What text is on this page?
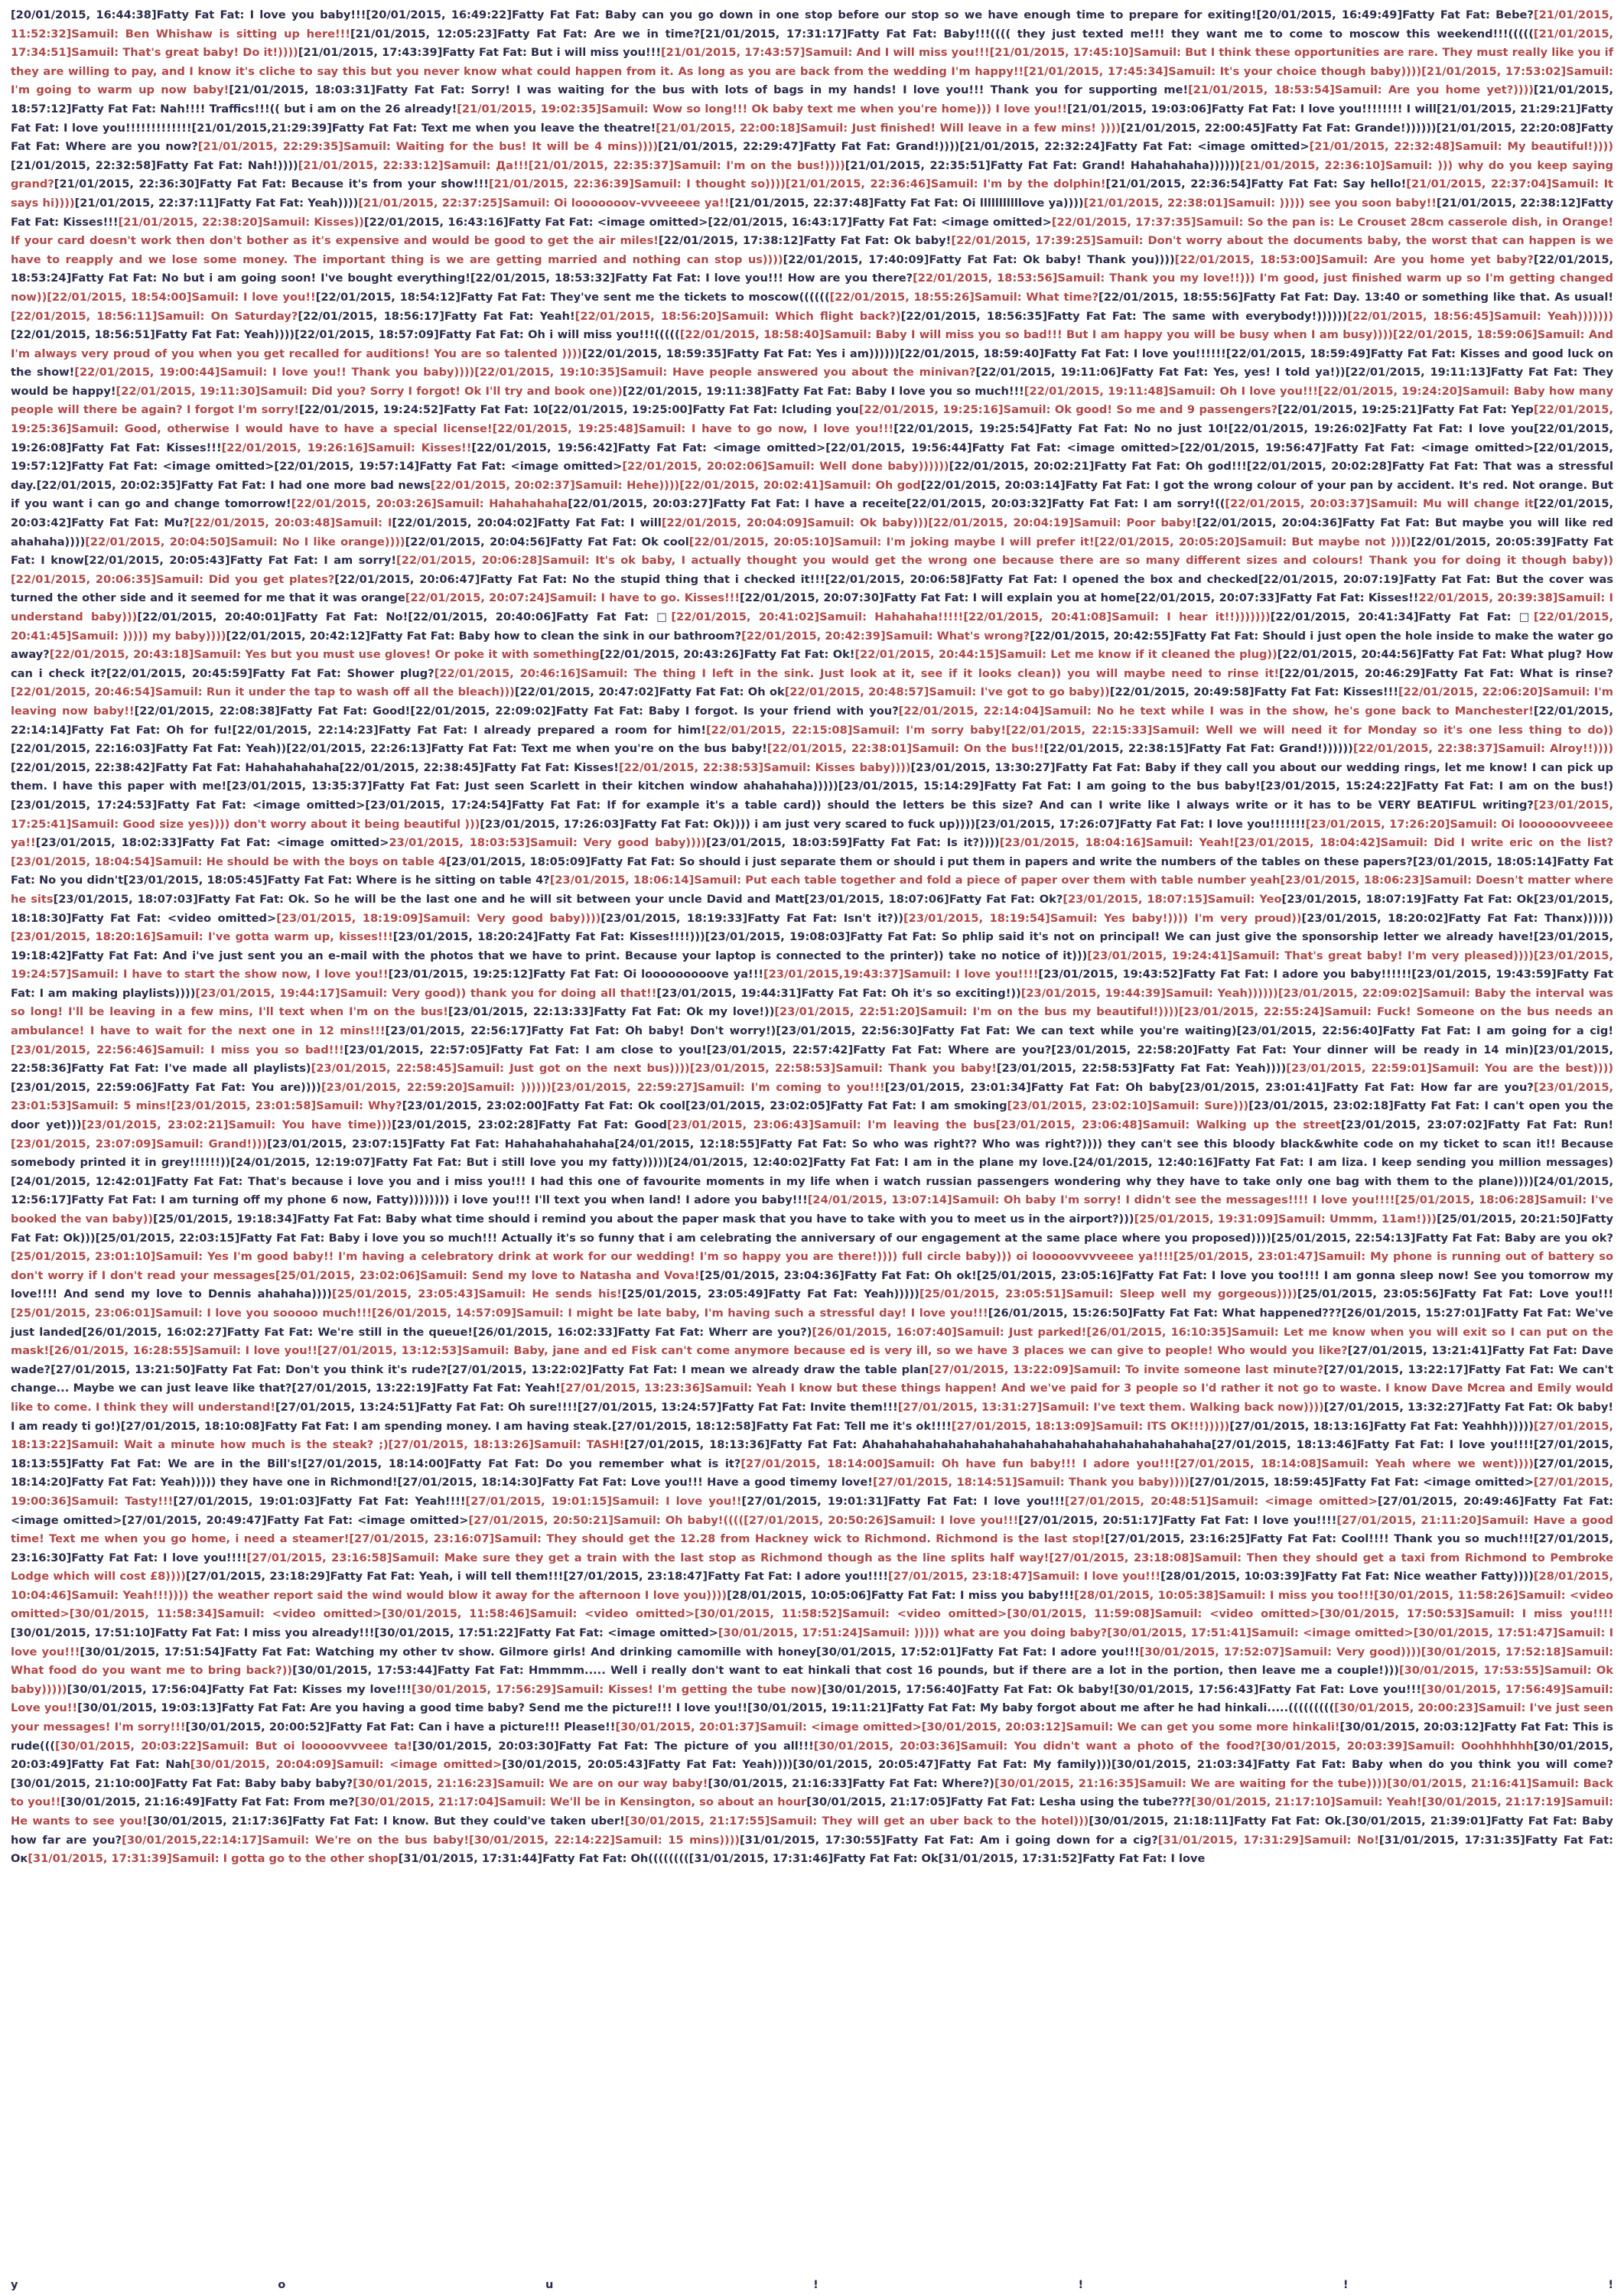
[20/01/2015, 16:44:38]Fatty Fat Fat: I love you baby!!![20/01/2015, 16:49:22]Fatty Fat Fat: Baby can you go down in one stop before our stop so we have enough time to prepare for exiting![20/01/2015, 16:49:49]Fatty Fat Fat: Bebe?[21/01/2015, 11:52:32]Samuil: Ben Whishaw is sitting up here!!![21/01/2015, 12:05:23]Fatty Fat Fat: Are we in time?[21/01/2015, 17:31:17]Fatty Fat Fat: Baby!!!(((( they just texted me!!! they want me to come to moscow this weekend!!!((((([21/01/2015, 17:34:51]Samuil: That's great baby! Do it!))))[21/01/2015, 17:43:39]Fatty Fat Fat: But i will miss you!!![21/01/2015, 17:43:57]Samuil: And I will miss you!!![21/01/2015, 17:45:10]Samuil: But I think these opportunities are rare. They must really like you if they are willing to pay, and I know it's cliche to say this but you never know what could happen from it. As long as you are back from the wedding I'm happy!![21/01/2015, 17:45:34]Samuil: It's your choice though baby))))[21/01/2015, 17:53:02]Samuil: I'm going to warm up now baby![21/01/2015, 18:03:31]Fatty Fat Fat: Sorry! I was waiting for the bus with lots of bags in my hands! I love you!!! Thank you for supporting me![21/01/2015, 18:53:54]Samuil: Are you home yet?))))[21/01/2015, 18:57:12]Fatty Fat Fat: Nah!!!! Traffics!!!(( but i am on the 26 already![21/01/2015, 19:02:35]Samuil: Wow so long!!! Ok baby text me when you're home))) I love you!![21/01/2015, 19:03:06]Fatty Fat Fat: I love you!!!!!!!! I will[21/01/2015, 21:29:21]Fatty Fat Fat: I love you!!!!!!!!!!!!![21/01/2015,21:29:39]Fatty Fat Fat: Text me when you leave the theatre![21/01/2015, 22:00:18]Samuil: Just finished! Will leave in a few mins! ))))[21/01/2015, 22:00:45]Fatty Fat Fat: Grande!))))))[21/01/2015, 22:20:08]Fatty Fat Fat: Where are you now?[21/01/2015, 22:29:35]Samuil: Waiting for the bus! It will be 4 mins))))[21/01/2015, 22:29:47]Fatty Fat Fat: Grand!))))[21/01/2015, 22:32:24]Fatty Fat Fat: <image omitted>[21/01/2015, 22:32:48]Samuil: My beautiful!))))[21/01/2015, 22:32:58]Fatty Fat Fat: Nah!))))[21/01/2015, 22:33:12]Samuil: Да!!![21/01/2015, 22:35:37]Samuil: I'm on the bus!))))[21/01/2015, 22:35:51]Fatty Fat Fat: Grand! Hahahahaha))))))[21/01/2015, 22:36:10]Samuil: ))) why do you keep saying grand?[21/01/2015, 22:36:30]Fatty Fat Fat: Because it's from your show!!![21/01/2015, 22:36:39]Samuil: I thought so))))[21/01/2015, 22:36:46]Samuil: I'm by the dolphin![21/01/2015, 22:36:54]Fatty Fat Fat: Say hello![21/01/2015, 22:37:04]Samuil: It says hi))))[21/01/2015, 22:37:11]Fatty Fat Fat: Yeah))))[21/01/2015, 22:37:25]Samuil: Oi looooooov-vvveeeee ya!![21/01/2015, 22:37:48]Fatty Fat Fat: Oi lllllllllllove ya))))[21/01/2015, 22:38:01]Samuil: ))))) see you soon baby!![21/01/2015, 22:38:12]Fatty Fat Fat: Kisses!!![21/01/2015, 22:38:20]Samuil: Kisses))[22/01/2015, 16:43:16]Fatty Fat Fat: <image omitted>[22/01/2015, 16:43:17]Fatty Fat Fat: <image omitted>[22/01/2015, 17:37:35]Samuil: So the pan is: Le Crouset 28cm casserole dish, in Orange! If your card doesn't work then don't bother as it's expensive and would be good to get the air miles![22/01/2015, 17:38:12]Fatty Fat Fat: Ok baby![22/01/2015, 17:39:25]Samuil: Don't worry about the documents baby, the worst that can happen is we have to reapply and we lose some money. The important thing is we are getting married and nothing can stop us))))[22/01/2015, 17:40:09]Fatty Fat Fat: Ok baby! Thank you))))[22/01/2015, 18:53:00]Samuil: Are you home yet baby?[22/01/2015, 18:53:24]Fatty Fat Fat: No but i am going soon! I've bought everything![22/01/2015, 18:53:32]Fatty Fat Fat: I love you!!! How are you there?[22/01/2015, 18:53:56]Samuil: Thank you my love!!))) I'm good, just finished warm up so I'm getting changed now))[22/01/2015, 18:54:00]Samuil: I love you!![22/01/2015, 18:54:12]Fatty Fat Fat: They've sent me the tickets to moscow(((((([22/01/2015, 18:55:26]Samuil: What time?[22/01/2015, 18:55:56]Fatty Fat Fat: Day. 13:40 or something like that. As usual![22/01/2015, 18:56:11]Samuil: On Saturday?[22/01/2015, 18:56:17]Fatty Fat Fat: Yeah![22/01/2015, 18:56:20]Samuil: Which flight back?)[22/01/2015, 18:56:35]Fatty Fat Fat: The same with everybody!))))))[22/01/2015, 18:56:45]Samuil: Yeah)))))))[22/01/2015, 18:56:51]Fatty Fat Fat: Yeah))))[22/01/2015, 18:57:09]Fatty Fat Fat: Oh i will miss you!!!((((([22/01/2015, 18:58:40]Samuil: Baby I will miss you so bad!!! But I am happy you will be busy when I am busy))))[22/01/2015, 18:59:06]Samuil: And I'm always very proud of you when you get recalled for auditions! You are so talented ))))[22/01/2015, 18:59:35]Fatty Fat Fat: Yes i am))))))[22/01/2015, 18:59:40]Fatty Fat Fat: I love you!!!!!![22/01/2015, 18:59:49]Fatty Fat Fat: Kisses and good luck on the show![22/01/2015, 19:00:44]Samuil: I love you!! Thank you baby))))[22/01/2015, 19:10:35]Samuil: Have people answered you about the minivan?[22/01/2015, 19:11:06]Fatty Fat Fat: Yes, yes! I told ya!))[22/01/2015, 19:11:13]Fatty Fat Fat: They would be happy![22/01/2015, 19:11:30]Samuil: Did you? Sorry I forgot! Ok I'll try and book one))[22/01/2015, 19:11:38]Fatty Fat Fat: Baby I love you so much!!![22/01/2015, 19:11:48]Samuil: Oh I love you!!![22/01/2015, 19:24:20]Samuil: Baby how many people will there be again? I forgot I'm sorry![22/01/2015, 19:24:52]Fatty Fat Fat: 10[22/01/2015, 19:25:00]Fatty Fat Fat: Icluding you[22/01/2015, 19:25:16]Samuil: Ok good! So me and 9 passengers?[22/01/2015, 19:25:21]Fatty Fat Fat: Yep[22/01/2015, 19:25:36]Samuil: Good, otherwise I would have to have a special license![22/01/2015, 19:25:48]Samuil: I have to go now, I love you!!![22/01/2015, 19:25:54]Fatty Fat Fat: No no just 10![22/01/2015, 19:26:02]Fatty Fat Fat: I love you[22/01/2015, 19:26:08]Fatty Fat Fat: Kisses!!![22/01/2015, 19:26:16]Samuil: Kisses!![22/01/2015, 19:56:42]Fatty Fat Fat: <image omitted>[22/01/2015, 19:56:44]Fatty Fat Fat: <image omitted>[22/01/2015, 19:56:47]Fatty Fat Fat: <image omitted>[22/01/2015, 19:57:12]Fatty Fat Fat: <image omitted>[22/01/2015, 19:57:14]Fatty Fat Fat: <image omitted>[22/01/2015, 20:02:06]Samuil: Well done baby))))))[22/01/2015, 20:02:21]Fatty Fat Fat: Oh god!!![22/01/2015, 20:02:28]Fatty Fat Fat: That was a stressful day.[22/01/2015, 20:02:35]Fatty Fat Fat: I had one more bad news[22/01/2015, 20:02:37]Samuil: Hehe))))[22/01/2015, 20:02:41]Samuil: Oh god[22/01/2015, 20:03:14]Fatty Fat Fat: I got the wrong colour of your pan by accident. It's red. Not orange. But if you want i can go and change tomorrow![22/01/2015, 20:03:26]Samuil: Hahahahaha[22/01/2015, 20:03:27]Fatty Fat Fat: I have a receite[22/01/2015, 20:03:32]Fatty Fat Fat: I am sorry!(([22/01/2015, 20:03:37]Samuil: Mu will change it[22/01/2015, 20:03:42]Fatty Fat Fat: Mu?[22/01/2015, 20:03:48]Samuil: I[22/01/2015, 20:04:02]Fatty Fat Fat: I will[22/01/2015, 20:04:09]Samuil: Ok baby)))[22/01/2015, 20:04:19]Samuil: Poor baby![22/01/2015, 20:04:36]Fatty Fat Fat: But maybe you will like red ahahaha))))[22/01/2015, 20:04:50]Samuil: No I like orange))))[22/01/2015, 20:04:56]Fatty Fat Fat: Ok cool[22/01/2015, 20:05:10]Samuil: I'm joking maybe I will prefer it![22/01/2015, 20:05:20]Samuil: But maybe not ))))[22/01/2015, 20:05:39]Fatty Fat Fat: I know[22/01/2015, 20:05:43]Fatty Fat Fat: I am sorry![22/01/2015, 20:06:28]Samuil: It's ok baby, I actually thought you would get the wrong one because there are so many different sizes and colours! Thank you for doing it though baby))[22/01/2015, 20:06:35]Samuil: Did you get plates?[22/01/2015, 20:06:47]Fatty Fat Fat: No the stupid thing that i checked it!!![22/01/2015, 20:06:58]Fatty Fat Fat: I opened the box and checked[22/01/2015, 20:07:19]Fatty Fat Fat: But the cover was turned the other side and it seemed for me that it was orange[22/01/2015, 20:07:24]Samuil: I have to go. Kisses!!![22/01/2015, 20:07:30]Fatty Fat Fat: I will explain you at home[22/01/2015, 20:07:33]Fatty Fat Fat: Kisses!!22/01/2015, 20:39:38]Samuil: I understand baby)))[22/01/2015, 20:40:01]Fatty Fat Fat: No![22/01/2015, 20:40:06]Fatty Fat Fat: □[22/01/2015, 20:41:02]Samuil: Hahahaha!!!!![22/01/2015, 20:41:08]Samuil: I hear it!!)))))))[22/01/2015, 20:41:34]Fatty Fat Fat: □[22/01/2015, 20:41:45]Samuil: ))))) my baby))))[22/01/2015, 20:42:12]Fatty Fat Fat: Baby how to clean the sink in our bathroom?[22/01/2015, 20:42:39]Samuil: What's wrong?[22/01/2015, 20:42:55]Fatty Fat Fat: Should i just open the hole inside to make the water go away?[22/01/2015, 20:43:18]Samuil: Yes but you must use gloves! Or poke it with something[22/01/2015, 20:43:26]Fatty Fat Fat: Ok![22/01/2015, 20:44:15]Samuil: Let me know if it cleaned the plug))[22/01/2015, 20:44:56]Fatty Fat Fat: What plug? How can i check it?[22/01/2015, 20:45:59]Fatty Fat Fat: Shower plug?[22/01/2015, 20:46:16]Samuil: The thing I left in the sink. Just look at it, see if it looks clean)) you will maybe need to rinse it![22/01/2015, 20:46:29]Fatty Fat Fat: What is rinse?[22/01/2015, 20:46:54]Samuil: Run it under the tap to wash off all the bleach)))[22/01/2015, 20:47:02]Fatty Fat Fat: Oh ok[22/01/2015, 20:48:57]Samuil: I've got to go baby))[22/01/2015, 20:49:58]Fatty Fat Fat: Kisses!!![22/01/2015, 22:06:20]Samuil: I'm leaving now baby!![22/01/2015, 22:08:38]Fatty Fat Fat: Good![22/01/2015, 22:09:02]Fatty Fat Fat: Baby I forgot. Is your friend with you?[22/01/2015, 22:14:04]Samuil: No he text while I was in the show, he's gone back to Manchester![22/01/2015, 22:14:14]Fatty Fat Fat: Oh for fu![22/01/2015, 22:14:23]Fatty Fat Fat: I already prepared a room for him![22/01/2015, 22:15:08]Samuil: I'm sorry baby![22/01/2015, 22:15:33]Samuil: Well we will need it for Monday so it's one less thing to do))[22/01/2015, 22:16:03]Fatty Fat Fat: Yeah))[22/01/2015, 22:26:13]Fatty Fat Fat: Text me when you're on the bus baby![22/01/2015, 22:38:01]Samuil: On the bus!![22/01/2015, 22:38:15]Fatty Fat Fat: Grand!))))))[22/01/2015, 22:38:37]Samuil: Alroy!!))))[22/01/2015, 22:38:42]Fatty Fat Fat: Hahahahahaha[22/01/2015, 22:38:45]Fatty Fat Fat: Kisses![22/01/2015, 22:38:53]Samuil: Kisses baby))))[23/01/2015, 13:30:27]Fatty Fat Fat: Baby if they call you about our wedding rings, let me know! I can pick up them. I have this paper with me![23/01/2015, 13:35:37]Fatty Fat Fat: Just seen Scarlett in their kitchen window ahahahaha)))))[23/01/2015, 15:14:29]Fatty Fat Fat: I am going to the bus baby![23/01/2015, 15:24:22]Fatty Fat Fat: I am on the bus!)[23/01/2015, 17:24:53]Fatty Fat Fat: <image omitted>[23/01/2015, 17:24:54]Fatty Fat Fat: If for example it's a table card)) should the letters be this size? And can I write like I always write or it has to be VERY BEATIFUL writing?[23/01/2015, 17:25:41]Samuil: Good size yes)))) don't worry about it being beautiful )))[23/01/2015, 17:26:03]Fatty Fat Fat: Ok)))) i am just very scared to fuck up))))[23/01/2015, 17:26:07]Fatty Fat Fat: I love you!!!!!!![23/01/2015, 17:26:20]Samuil: Oi loooooovveeee ya!![23/01/2015, 18:02:33]Fatty Fat Fat: <image omitted>23/01/2015, 18:03:53]Samuil: Very good baby))))[23/01/2015, 18:03:59]Fatty Fat Fat: Is it?))))[23/01/2015, 18:04:16]Samuil: Yeah![23/01/2015, 18:04:42]Samuil: Did I write eric on the list?[23/01/2015, 18:04:54]Samuil: He should be with the boys on table 4[23/01/2015, 18:05:09]Fatty Fat Fat: So should i just separate them or should i put them in papers and write the numbers of the tables on these papers?[23/01/2015, 18:05:14]Fatty Fat Fat: No you didn't[23/01/2015, 18:05:45]Fatty Fat Fat: Where is he sitting on table 4?[23/01/2015, 18:06:14]Samuil: Put each table together and fold a piece of paper over them with table number yeah[23/01/2015, 18:06:23]Samuil: Doesn't matter where he sits[23/01/2015, 18:07:03]Fatty Fat Fat: Ok. So he will be the last one and he will sit between your uncle David and Matt[23/01/2015, 18:07:06]Fatty Fat Fat: Ok?[23/01/2015, 18:07:15]Samuil: Yeo[23/01/2015, 18:07:19]Fatty Fat Fat: Ok[23/01/2015, 18:18:30]Fatty Fat Fat: <video omitted>[23/01/2015, 18:19:09]Samuil: Very good baby))))[23/01/2015, 18:19:33]Fatty Fat Fat: Isn't it?))[23/01/2015, 18:19:54]Samuil: Yes baby!)))) I'm very proud))[23/01/2015, 18:20:02]Fatty Fat Fat: Thanx))))))[23/01/2015, 18:20:16]Samuil: I've gotta warm up, kisses!!![23/01/2015, 18:20:24]Fatty Fat Fat: Kisses!!!!)))[23/01/2015, 19:08:03]Fatty Fat Fat: So phlip said it's not on principal! We can just give the sponsorship letter we already have![23/01/2015, 19:18:42]Fatty Fat Fat: And i've just sent you an e-mail with the photos that we have to print. Because your laptop is connected to the printer)) take no notice of it)))[23/01/2015, 19:24:41]Samuil: That's great baby! I'm very pleased))))[23/01/2015, 19:24:57]Samuil: I have to start the show now, I love you!![23/01/2015, 19:25:12]Fatty Fat Fat: Oi looooooooove ya!!![23/01/2015,19:43:37]Samuil: I love you!!!![23/01/2015, 19:43:52]Fatty Fat Fat: I adore you baby!!!!!![23/01/2015, 19:43:59]Fatty Fat Fat: I am making playlists))))[23/01/2015, 19:44:17]Samuil: Very good)) thank you for doing all that!![23/01/2015, 19:44:31]Fatty Fat Fat: Oh it's so exciting!))[23/01/2015, 19:44:39]Samuil: Yeah))))))[23/01/2015, 22:09:02]Samuil: Baby the interval was so long! I'll be leaving in a few mins, I'll text when I'm on the bus![23/01/2015, 22:13:33]Fatty Fat Fat: Ok my love!))[23/01/2015, 22:51:20]Samuil: I'm on the bus my beautiful!))))[23/01/2015, 22:55:24]Samuil: Fuck! Someone on the bus needs an ambulance! I have to wait for the next one in 12 mins!!![23/01/2015, 22:56:17]Fatty Fat Fat: Oh baby! Don't worry!)[23/01/2015, 22:56:30]Fatty Fat Fat: We can text while you're waiting)[23/01/2015, 22:56:40]Fatty Fat Fat: I am going for a cig![23/01/2015, 22:56:46]Samuil: I miss you so bad!!![23/01/2015, 22:57:05]Fatty Fat Fat: I am close to you![23/01/2015, 22:57:42]Fatty Fat Fat: Where are you?[23/01/2015, 22:58:20]Fatty Fat Fat: Your dinner will be ready in 14 min)[23/01/2015, 22:58:36]Fatty Fat Fat: I've made all playlists)[23/01/2015, 22:58:45]Samuil: Just got on the next bus))))[23/01/2015, 22:58:53]Samuil: Thank you baby![23/01/2015, 22:58:53]Fatty Fat Fat: Yeah))))[23/01/2015, 22:59:01]Samuil: You are the best))))[23/01/2015, 22:59:06]Fatty Fat Fat: You are))))[23/01/2015, 22:59:20]Samuil: ))))))[23/01/2015, 22:59:27]Samuil: I'm coming to you!!![23/01/2015, 23:01:34]Fatty Fat Fat: Oh baby[23/01/2015, 23:01:41]Fatty Fat Fat: How far are you?[23/01/2015, 23:01:53]Samuil: 5 mins![23/01/2015, 23:01:58]Samuil: Why?[23/01/2015, 23:02:00]Fatty Fat Fat: Ok cool[23/01/2015, 23:02:05]Fatty Fat Fat: I am smoking[23/01/2015, 23:02:10]Samuil: Sure)))[23/01/2015, 23:02:18]Fatty Fat Fat: I can't open you the door yet)))[23/01/2015, 23:02:21]Samuil: You have time)))[23/01/2015, 23:02:28]Fatty Fat Fat: Good[23/01/2015, 23:06:43]Samuil: I'm leaving the bus[23/01/2015, 23:06:48]Samuil: Walking up the street[23/01/2015, 23:07:02]Fatty Fat Fat: Run![23/01/2015, 23:07:09]Samuil: Grand!)))[23/01/2015, 23:07:15]Fatty Fat Fat: Hahahahahahaha[24/01/2015, 12:18:55]Fatty Fat Fat: So who was right?? Who was right?)))) they can't see this bloody black&white code on my ticket to scan it!! Because somebody printed it in grey!!!!!!))[24/01/2015, 12:19:07]Fatty Fat Fat: But i still love you my fatty)))))[24/01/2015, 12:40:02]Fatty Fat Fat: I am in the plane my love.[24/01/2015, 12:40:16]Fatty Fat Fat: I am liza. I keep sending you million messages)[24/01/2015, 12:42:01]Fatty Fat Fat: That's because i love you and i miss you!!! I had this one of favourite moments in my life when i watch russian passengers wondering why they have to take only one bag with them to the plane))))[24/01/2015, 12:56:17]Fatty Fat Fat: I am turning off my phone 6 now, Fatty)))))))) i love you!!! I'll text you when land! I adore you baby!!![24/01/2015, 13:07:14]Samuil: Oh baby I'm sorry! I didn't see the messages!!!! I love you!!!![25/01/2015, 18:06:28]Samuil: I've booked the van baby))[25/01/2015, 19:18:34]Fatty Fat Fat: Baby what time should i remind you about the paper mask that you have to take with you to meet us in the airport?)))[25/01/2015, 19:31:09]Samuil: Ummm, 11am!)))[25/01/2015, 20:21:50]Fatty Fat Fat: Ok)))[25/01/2015, 22:03:15]Fatty Fat Fat: Baby i love you so much!!! Actually it's so funny that i am celebrating the anniversary of our engagement at the same place where you proposed))))[25/01/2015, 22:54:13]Fatty Fat Fat: Baby are you ok?[25/01/2015, 23:01:10]Samuil: Yes I'm good baby!! I'm having a celebratory drink at work for our wedding! I'm so happy you are there!)))) full circle baby))) oi looooovvvveeee ya!!!![25/01/2015, 23:01:47]Samuil: My phone is running out of battery so don't worry if I don't read your messages[25/01/2015, 23:02:06]Samuil: Send my love to Natasha and Vova![25/01/2015, 23:04:36]Fatty Fat Fat: Oh ok![25/01/2015, 23:05:16]Fatty Fat Fat: I love you too!!!! I am gonna sleep now! See you tomorrow my love!!!! And send my love to Dennis ahahaha))))[25/01/2015, 23:05:43]Samuil: He sends his![25/01/2015, 23:05:49]Fatty Fat Fat: Yeah)))))[25/01/2015, 23:05:51]Samuil: Sleep well my gorgeous))))[25/01/2015, 23:05:56]Fatty Fat Fat: Love you!!![25/01/2015, 23:06:01]Samuil: I love you sooooo much!!![26/01/2015, 14:57:09]Samuil: I might be late baby, I'm having such a stressful day! I love you!!![26/01/2015, 15:26:50]Fatty Fat Fat: What happened???[26/01/2015, 15:27:01]Fatty Fat Fat: We've just landed[26/01/2015, 16:02:27]Fatty Fat Fat: We're still in the queue![26/01/2015, 16:02:33]Fatty Fat Fat: Wherr are you?)[26/01/2015, 16:07:40]Samuil: Just parked![26/01/2015, 16:10:35]Samuil: Let me know when you will exit so I can put on the mask![26/01/2015, 16:28:55]Samuil: I love you!![27/01/2015, 13:12:53]Samuil: Baby, jane and ed Fisk can't come anymore because ed is very ill, so we have 3 places we can give to people! Who would you like?[27/01/2015, 13:21:41]Fatty Fat Fat: Dave wade?[27/01/2015, 13:21:50]Fatty Fat Fat: Don't you think it's rude?[27/01/2015, 13:22:02]Fatty Fat Fat: I mean we already draw the table plan[27/01/2015, 13:22:09]Samuil: To invite someone last minute?[27/01/2015, 13:22:17]Fatty Fat Fat: We can't change... Maybe we can just leave like that?[27/01/2015, 13:22:19]Fatty Fat Fat: Yeah![27/01/2015, 13:23:36]Samuil: Yeah I know but these things happen! And we've paid for 3 people so I'd rather it not go to waste. I know Dave Mcrea and Emily would like to come. I think they will understand![27/01/2015, 13:24:51]Fatty Fat Fat: Oh sure!!!![27/01/2015, 13:24:57]Fatty Fat Fat: Invite them!!![27/01/2015, 13:31:27]Samuil: I've text them. Walking back now))))[27/01/2015, 13:32:27]Fatty Fat Fat: Ok baby! I am ready ti go!)[27/01/2015, 18:10:08]Fatty Fat Fat: I am spending money. I am having steak.[27/01/2015, 18:12:58]Fatty Fat Fat: Tell me it's ok!!!![27/01/2015, 18:13:09]Samuil: ITS OK!!!)))))[27/01/2015, 18:13:16]Fatty Fat Fat: Yeahhh)))))[27/01/2015, 18:13:22]Samuil: Wait a minute how much is the steak? ;)[27/01/2015, 18:13:26]Samuil: TASH![27/01/2015, 18:13:36]Fatty Fat Fat: Ahahahahahahahahahahahahahahahahahahahahahaha[27/01/2015, 18:13:46]Fatty Fat Fat: I love you!!!![27/01/2015, 18:13:55]Fatty Fat Fat: We are in the Bill's![27/01/2015, 18:14:00]Fatty Fat Fat: Do you remember what is it?[27/01/2015, 18:14:00]Samuil: Oh have fun baby!!! I adore you!!![27/01/2015, 18:14:08]Samuil: Yeah where we went))))[27/01/2015, 18:14:20]Fatty Fat Fat: Yeah))))) they have one in Richmond![27/01/2015, 18:14:30]Fatty Fat Fat: Love you!!! Have a good timemy love![27/01/2015, 18:14:51]Samuil: Thank you baby))))[27/01/2015, 18:59:45]Fatty Fat Fat: <image omitted>[27/01/2015, 19:00:36]Samuil: Tasty!!![27/01/2015, 19:01:03]Fatty Fat Fat: Yeah!!!![27/01/2015, 19:01:15]Samuil: I love you!![27/01/2015, 19:01:31]Fatty Fat Fat: I love you!!![27/01/2015, 20:48:51]Samuil: <image omitted>[27/01/2015, 20:49:46]Fatty Fat Fat: <image omitted>[27/01/2015, 20:49:47]Fatty Fat Fat: <image omitted>[27/01/2015, 20:50:21]Samuil: Oh baby!(((([27/01/2015, 20:50:26]Samuil: I love you!!![27/01/2015, 20:51:17]Fatty Fat Fat: I love you!!!![27/01/2015, 21:11:20]Samuil: Have a good time! Text me when you go home, i need a steamer![27/01/2015, 23:16:07]Samuil: They should get the 12.28 from Hackney wick to Richmond. Richmond is the last stop![27/01/2015, 23:16:25]Fatty Fat Fat: Cool!!!! Thank you so much!!![27/01/2015, 23:16:30]Fatty Fat Fat: I love you!!!![27/01/2015, 23:16:58]Samuil: Make sure they get a train with the last stop as Richmond though as the line splits half way![27/01/2015, 23:18:08]Samuil: Then they should get a taxi from Richmond to Pembroke Lodge which will cost £8))))[27/01/2015, 23:18:29]Fatty Fat Fat: Yeah, i will tell them!!![27/01/2015, 23:18:47]Fatty Fat Fat: I adore you!!!![27/01/2015, 23:18:47]Samuil: I love you!!![28/01/2015, 10:03:39]Fatty Fat Fat: Nice weather Fatty))))[28/01/2015, 10:04:46]Samuil: Yeah!!!)))) the weather report said the wind would blow it away for the afternoon I love you))))[28/01/2015, 10:05:06]Fatty Fat Fat: I miss you baby!!![28/01/2015, 10:05:38]Samuil: I miss you too!!![30/01/2015, 11:58:26]Samuil: <video omitted>[30/01/2015, 11:58:34]Samuil: <video omitted>[30/01/2015, 11:58:46]Samuil: <video omitted>[30/01/2015, 11:58:52]Samuil: <video omitted>[30/01/2015, 11:59:08]Samuil: <video omitted>[30/01/2015, 17:50:53]Samuil: I miss you!!!![30/01/2015, 17:51:10]Fatty Fat Fat: I miss you already!!![30/01/2015, 17:51:22]Fatty Fat Fat: <image omitted>[30/01/2015, 17:51:24]Samuil: ))))) what are you doing baby?[30/01/2015, 17:51:41]Samuil: <image omitted>[30/01/2015, 17:51:47]Samuil: I love you!!![30/01/2015, 17:51:54]Fatty Fat Fat: Watching my other tv show. Gilmore girls! And drinking camomille with honey[30/01/2015, 17:52:01]Fatty Fat Fat: I adore you!!![30/01/2015, 17:52:07]Samuil: Very good))))[30/01/2015, 17:52:18]Samuil: What food do you want me to bring back?))[30/01/2015, 17:53:44]Fatty Fat Fat: Hmmmm..... Well i really don't want to eat hinkali that cost 16 pounds, but if there are a lot in the portion, then leave me a couple!)))[30/01/2015, 17:53:55]Samuil: Ok baby)))))[30/01/2015, 17:56:04]Fatty Fat Fat: Kisses my love!!![30/01/2015, 17:56:29]Samuil: Kisses! I'm getting the tube now)[30/01/2015, 17:56:40]Fatty Fat Fat: Ok baby![30/01/2015, 17:56:43]Fatty Fat Fat: Love you!!![30/01/2015, 17:56:49]Samuil: Love you!![30/01/2015, 19:03:13]Fatty Fat Fat: Are you having a good time baby? Send me the picture!!! I love you!![30/01/2015, 19:11:21]Fatty Fat Fat: My baby forgot about me after he had hinkali.....((((((((([30/01/2015, 20:00:23]Samuil: I've just seen your messages! I'm sorry!!![30/01/2015, 20:00:52]Fatty Fat Fat: Can i have a picture!!! Please!![30/01/2015, 20:01:37]Samuil: <image omitted>[30/01/2015, 20:03:12]Samuil: We can get you some more hinkali![30/01/2015, 20:03:12]Fatty Fat Fat: This is rude((([30/01/2015, 20:03:22]Samuil: But oi looooovvveee ta![30/01/2015, 20:03:30]Fatty Fat Fat: The picture of you all!!![30/01/2015, 20:03:36]Samuil: You didn't want a photo of the food?[30/01/2015, 20:03:39]Samuil: Ooohhhhhh[30/01/2015, 20:03:49]Fatty Fat Fat: Nah[30/01/2015, 20:04:09]Samuil: <image omitted>[30/01/2015, 20:05:43]Fatty Fat Fat: Yeah))))[30/01/2015, 20:05:47]Fatty Fat Fat: My family)))[30/01/2015, 21:03:34]Fatty Fat Fat: Baby when do you think you will come?[30/01/2015, 21:10:00]Fatty Fat Fat: Baby baby baby?[30/01/2015, 21:16:23]Samuil: We are on our way baby![30/01/2015, 21:16:33]Fatty Fat Fat: Where?)[30/01/2015, 21:16:35]Samuil: We are waiting for the tube))))[30/01/2015, 21:16:41]Samuil: Back to you!![30/01/2015, 21:16:49]Fatty Fat Fat: From me?[30/01/2015, 21:17:04]Samuil: We'll be in Kensington, so about an hour[30/01/2015, 21:17:05]Fatty Fat Fat: Lesha using the tube???[30/01/2015, 21:17:10]Samuil: Yeah![30/01/2015, 21:17:19]Samuil: He wants to see you![30/01/2015, 21:17:36]Fatty Fat Fat: I know. But they could've taken uber![30/01/2015, 21:17:55]Samuil: They will get an uber back to the hotel)))[30/01/2015, 21:18:11]Fatty Fat Fat: Ok.[30/01/2015, 21:39:01]Fatty Fat Fat: Baby how far are you?[30/01/2015,22:14:17]Samuil: We're on the bus baby![30/01/2015, 22:14:22]Samuil: 15 mins))))[31/01/2015, 17:30:55]Fatty Fat Fat: Am i going down for a cig?[31/01/2015, 17:31:29]Samuil: No![31/01/2015, 17:31:35]Fatty Fat Fat: Ок[31/01/2015, 17:31:39]Samuil: I gotta go to the other shop[31/01/2015, 17:31:44]Fatty Fat Fat: Oh(((((((([31/01/2015, 17:31:46]Fatty Fat Fat: Ok[31/01/2015, 17:31:52]Fatty Fat Fat: I love
y	o	u	!	!	!	!
